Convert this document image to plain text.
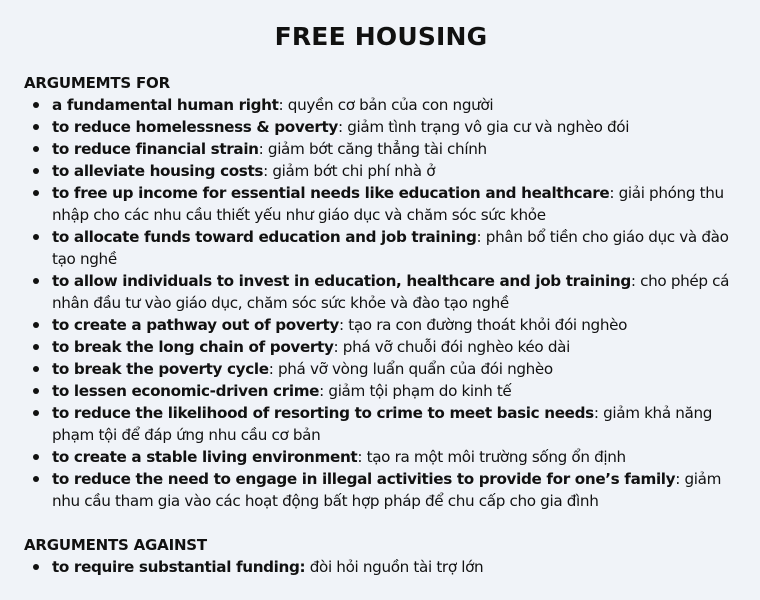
FREE HOUSING
ARGUMEMTS FOR
a fundamental human right: quyền cơ bản của con người
to reduce homelessness & poverty: giảm tình trạng vô gia cư và nghèo đói
to reduce financial strain: giảm bớt căng thẳng tài chính
to alleviate housing costs: giảm bớt chi phí nhà ở
to free up income for essential needs like education and healthcare: giải phóng thu nhập cho các nhu cầu thiết yếu như giáo dục và chăm sóc sức khỏe
to allocate funds toward education and job training: phân bổ tiền cho giáo dục và đào tạo nghề
to allow individuals to invest in education, healthcare and job training: cho phép cá nhân đầu tư vào giáo dục, chăm sóc sức khỏe và đào tạo nghề
to create a pathway out of poverty: tạo ra con đường thoát khỏi đói nghèo
to break the long chain of poverty: phá vỡ chuỗi đói nghèo kéo dài
to break the poverty cycle: phá vỡ vòng luẩn quẩn của đói nghèo
to lessen economic-driven crime: giảm tội phạm do kinh tế
to reduce the likelihood of resorting to crime to meet basic needs: giảm khả năng phạm tội để đáp ứng nhu cầu cơ bản
to create a stable living environment: tạo ra một môi trường sống ổn định
to reduce the need to engage in illegal activities to provide for one’s family: giảm nhu cầu tham gia vào các hoạt động bất hợp pháp để chu cấp cho gia đình
ARGUMENTS AGAINST
to require substantial funding: đòi hỏi nguồn tài trợ lớn
